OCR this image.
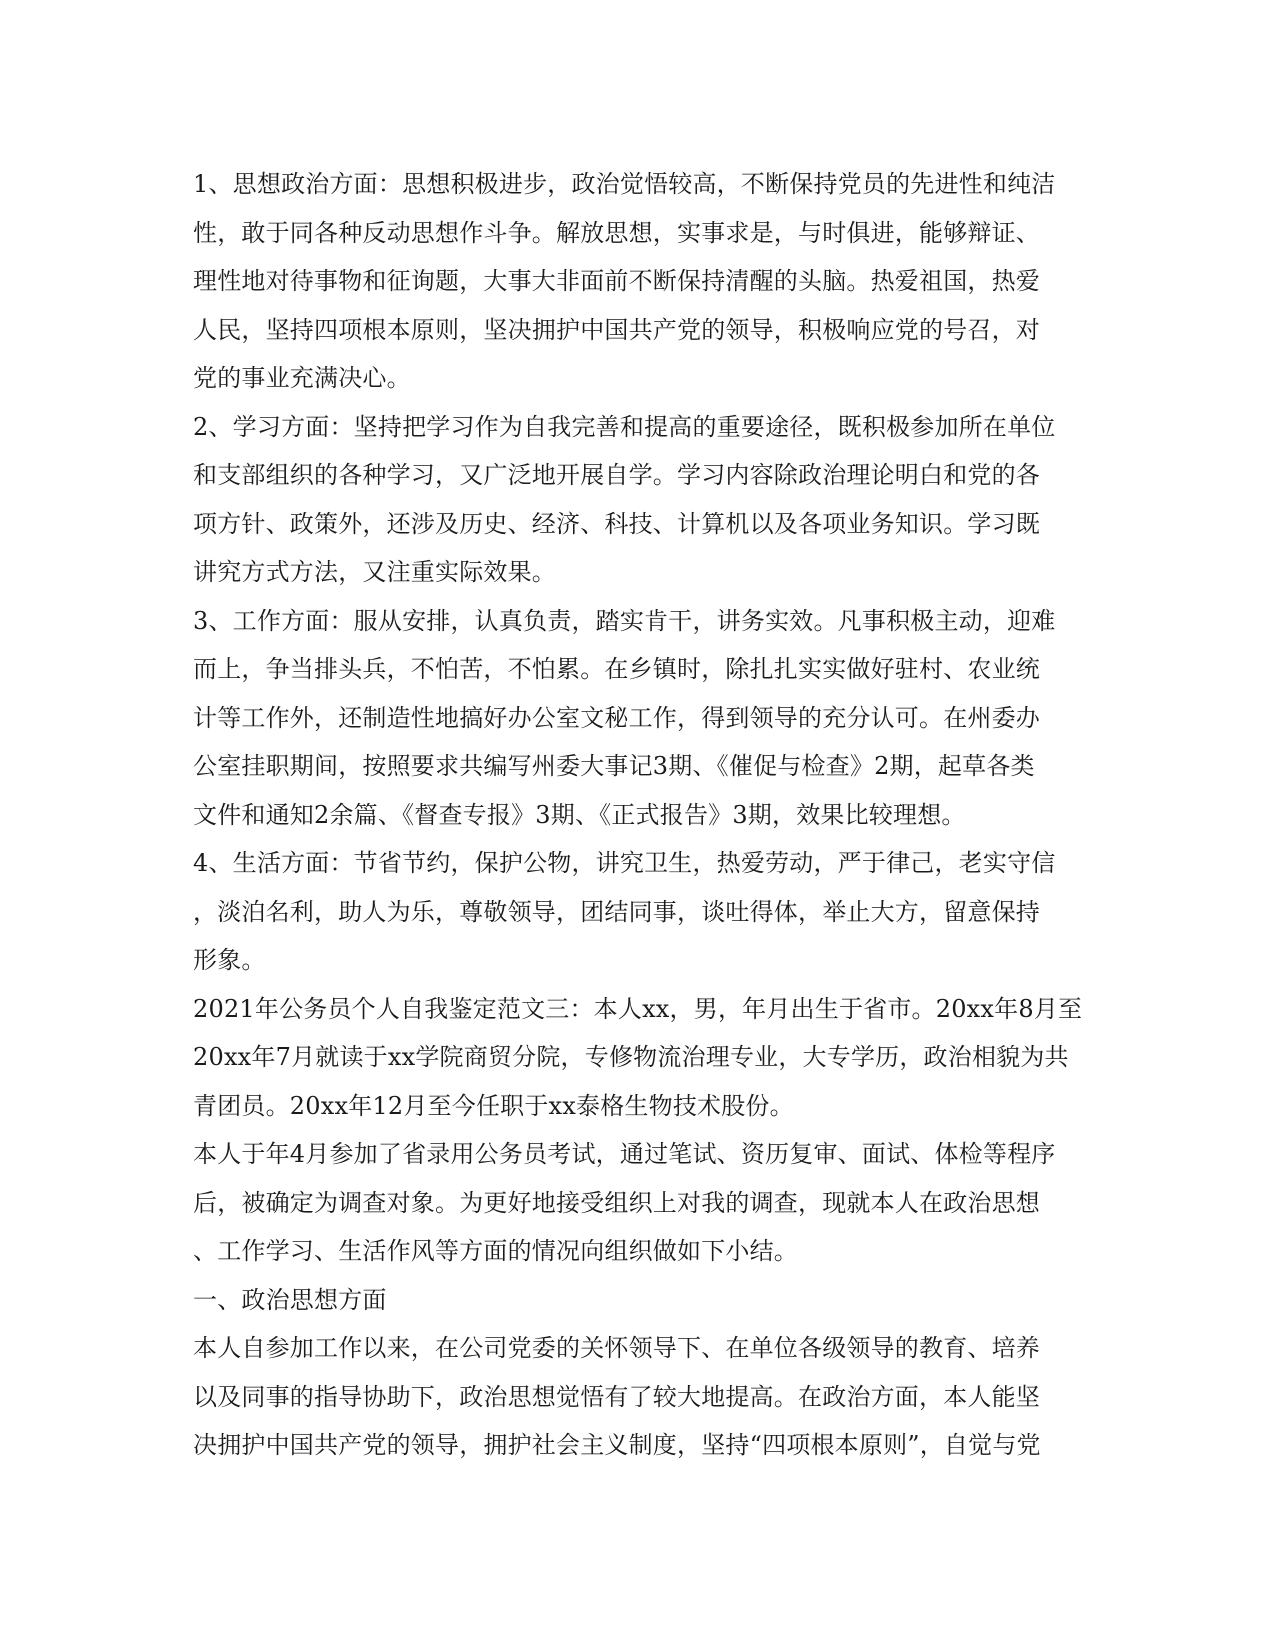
1、思想政治方面：思想积极进步，政治觉悟较高，不断保持党员的先进性和纯洁
性，敢于同各种反动思想作斗争。解放思想，实事求是，与时俱进，能够辩证、
理性地对待事物和征询题，大事大非面前不断保持清醒的头脑。热爱祖国，热爱
人民，坚持四项根本原则，坚决拥护中国共产党的领导，积极响应党的号召，对
党的事业充满决心。
2、学习方面：坚持把学习作为自我完善和提高的重要途径，既积极参加所在单位
和支部组织的各种学习，又广泛地开展自学。学习内容除政治理论明白和党的各
项方针、政策外，还涉及历史、经济、科技、计算机以及各项业务知识。学习既
讲究方式方法，又注重实际效果。
3、工作方面：服从安排，认真负责，踏实肯干，讲务实效。凡事积极主动，迎难
而上，争当排头兵，不怕苦，不怕累。在乡镇时，除扎扎实实做好驻村、农业统
计等工作外，还制造性地搞好办公室文秘工作，得到领导的充分认可。在州委办
公室挂职期间，按照要求共编写州委大事记3期、《催促与检查》2期，起草各类
文件和通知2余篇、《督查专报》3期、《正式报告》3期，效果比较理想。
4、生活方面：节省节约，保护公物，讲究卫生，热爱劳动，严于律己，老实守信
，淡泊名利，助人为乐，尊敬领导，团结同事，谈吐得体，举止大方，留意保持
形象。
2021年公务员个人自我鉴定范文三：本人xx，男，年月出生于省市。20xx年8月至
20xx年7月就读于xx学院商贸分院，专修物流治理专业，大专学历，政治相貌为共
青团员。20xx年12月至今任职于xx泰格生物技术股份。
本人于年4月参加了省录用公务员考试，通过笔试、资历复审、面试、体检等程序
后，被确定为调查对象。为更好地接受组织上对我的调查，现就本人在政治思想
、工作学习、生活作风等方面的情况向组织做如下小结。
一、政治思想方面
本人自参加工作以来，在公司党委的关怀领导下、在单位各级领导的教育、培养
以及同事的指导协助下，政治思想觉悟有了较大地提高。在政治方面，本人能坚
决拥护中国共产党的领导，拥护社会主义制度，坚持“四项根本原则”，自觉与党
